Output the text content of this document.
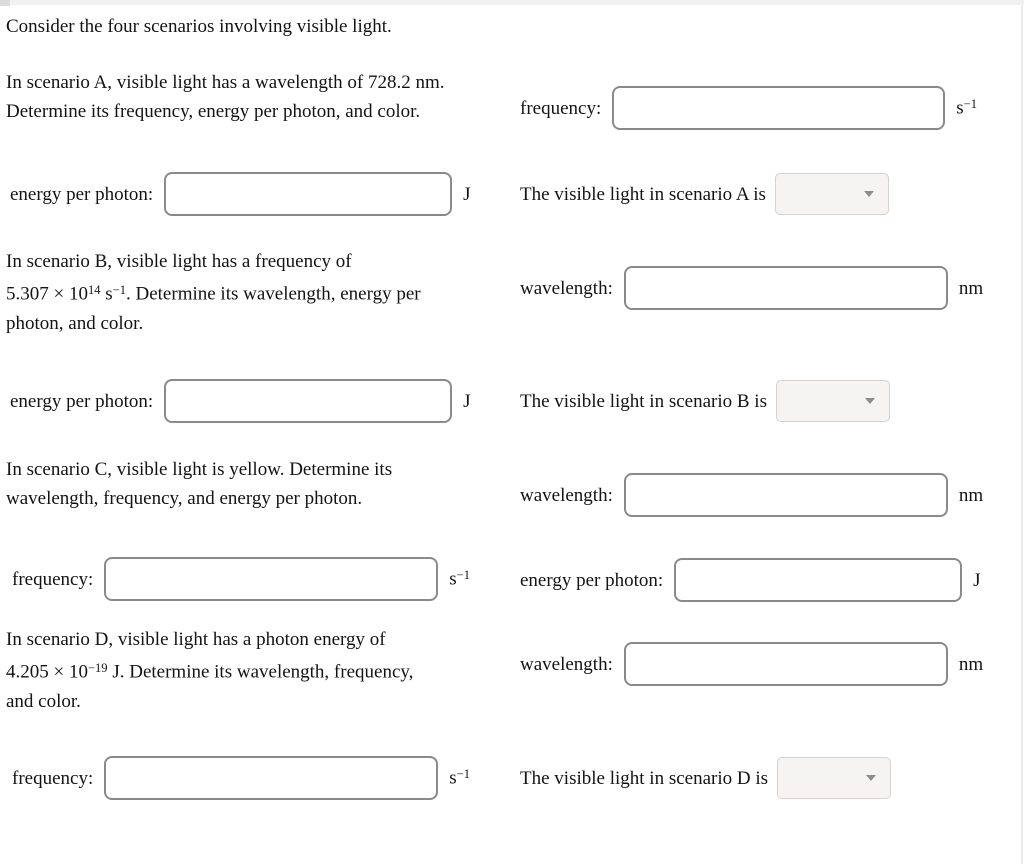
Consider the four scenarios involving visible light.
In scenario A, visible light has a wavelength of 728.2 nm.
Determine its frequency, energy per photon, and color.
In scenario B, visible light has a frequency of
$5.307 \times 10^{14}$ $s^{-1}$. Determine its wavelength, energy per
photon, and color.
In scenario C, visible light is yellow. Determine its
wavelength, frequency, and energy per photon.
In scenario D, visible light has a photon energy of
$4.205 \times 10^{-19}$ J. Determine its wavelength, frequency,
and color.
frequency:	$s^{-1}$
energy per photon:	J	The visible light in scenario A is
wavelength:	nm
energy per photon:	J	The visible light in scenario B is
wavelength:	nm
frequency:	$s^{-1}$	energy per photon:	J
wavelength:	nm
frequency:	$s^{-1}$	The visible light in scenario D is
